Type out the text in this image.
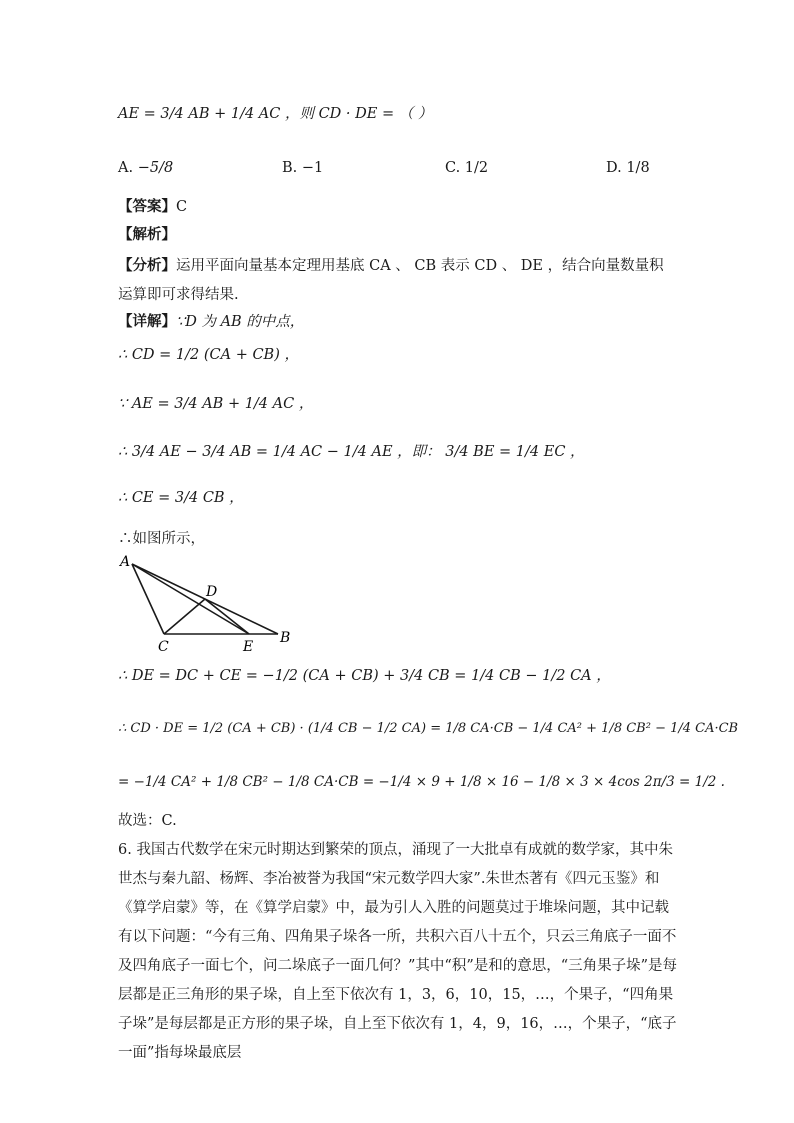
AE = 3/4 AB + 1/4 AC ，则 CD · DE = （ ）
A. −5/8	B. −1	C. 1/2	D. 1/8
【答案】C
【解析】
【分析】运用平面向量基本定理用基底 CA 、 CB 表示 CD 、 DE ，结合向量数量积运算即可求得结果.
【详解】∵D 为 AB 的中点，
∴ CD = 1/2 (CA + CB) ，
∵ AE = 3/4 AB + 1/4 AC ，
∴ 3/4 AE − 3/4 AB = 1/4 AC − 1/4 AE ，即： 3/4 BE = 1/4 EC ，
∴ CE = 3/4 CB ，
∴如图所示，
A
D
C	E
B
∴ DE = DC + CE = −1/2 (CA + CB) + 3/4 CB = 1/4 CB − 1/2 CA ，
∴ CD · DE = 1/2 (CA + CB) · (1/4 CB − 1/2 CA) = 1/8 CA·CB − 1/4 CA² + 1/8 CB² − 1/4 CA·CB
= −1/4 CA² + 1/8 CB² − 1/8 CA·CB = −1/4 × 9 + 1/8 × 16 − 1/8 × 3 × 4cos 2π/3 = 1/2 .
故选：C.
6. 我国古代数学在宋元时期达到繁荣的顶点，涌现了一大批卓有成就的数学家，其中朱世杰与秦九韶、杨辉、李冶被誉为我国“宋元数学四大家”.朱世杰著有《四元玉鉴》和《算学启蒙》等，在《算学启蒙》中，最为引人入胜的问题莫过于堆垛问题，其中记载有以下问题：“今有三角、四角果子垛各一所，共积六百八十五个，只云三角底子一面不及四角底子一面七个，问二垛底子一面几何？”其中“积”是和的意思，“三角果子垛”是每层都是正三角形的果子垛，自上至下依次有 1，3，6，10，15，…，个果子，“四角果子垛”是每层都是正方形的果子垛，自上至下依次有 1，4，9，16，…，个果子，“底子一面”指每垛最底层
